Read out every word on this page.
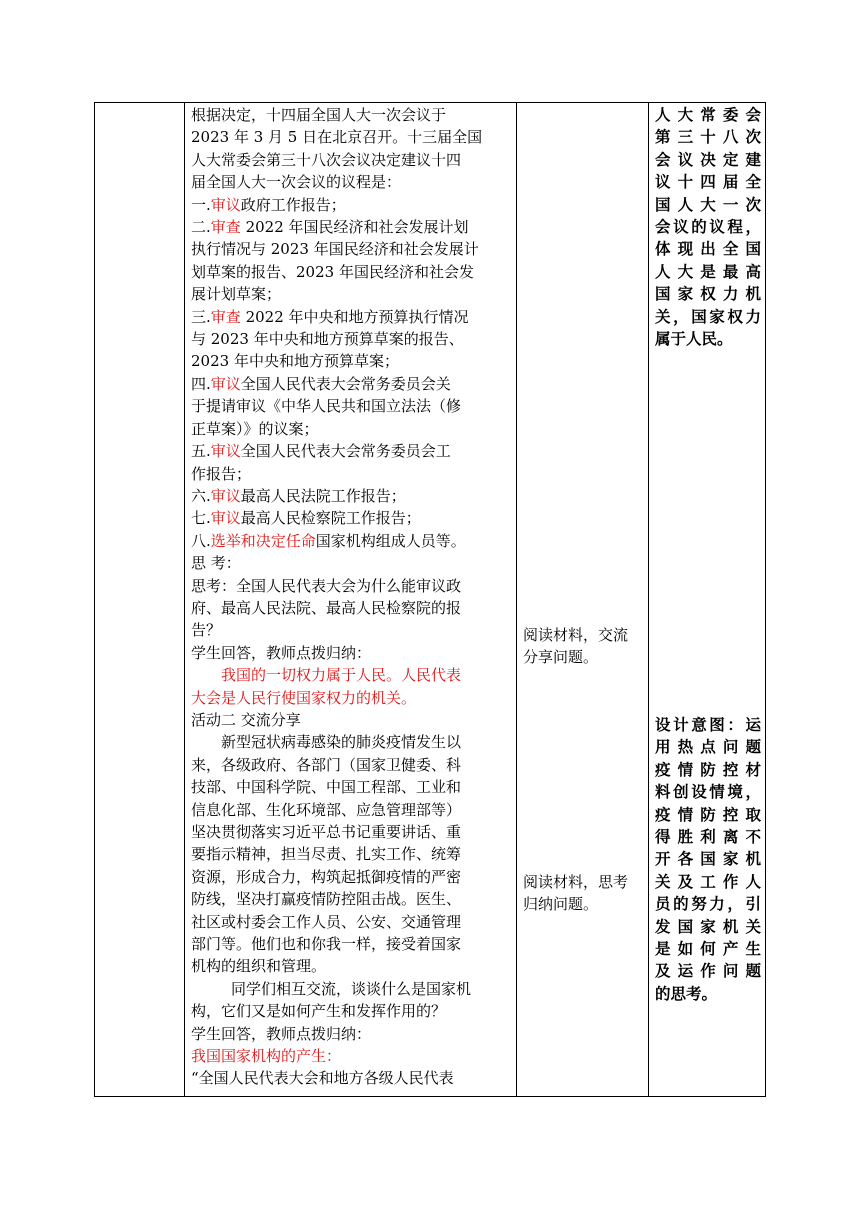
根据决定，十四届全国人大一次会议于

2023 年 3 月 5 日在北京召开。十三届全国

人大常委会第三十八次会议决定建议十四

届全国人大一次会议的议程是：

一.审议政府工作报告；

二.审查 2022 年国民经济和社会发展计划

执行情况与 2023 年国民经济和社会发展计

划草案的报告、2023 年国民经济和社会发

展计划草案；

三.审查 2022 年中央和地方预算执行情况

与 2023 年中央和地方预算草案的报告、

2023 年中央和地方预算草案；

四.审议全国人民代表大会常务委员会关

于提请审议《中华人民共和国立法法（修

正草案）》的议案；

五.审议全国人民代表大会常务委员会工

作报告；

六.审议最高人民法院工作报告；

七.审议最高人民检察院工作报告；

八.选举和决定任命国家机构组成人员等。

思 考：

思考：全国人民代表大会为什么能审议政

府、最高人民法院、最高人民检察院的报

告？

学生回答，教师点拨归纳：

我国的一切权力属于人民。人民代表

大会是人民行使国家权力的机关。

活动二 交流分享

新型冠状病毒感染的肺炎疫情发生以

来，各级政府、各部门（国家卫健委、科

技部、中国科学院、中国工程部、工业和

信息化部、生化环境部、应急管理部等）

坚决贯彻落实习近平总书记重要讲话、重

要指示精神，担当尽责、扎实工作、统筹

资源，形成合力，构筑起抵御疫情的严密

防线，坚决打赢疫情防控阻击战。医生、

社区或村委会工作人员、公安、交通管理

部门等。他们也和你我一样，接受着国家

机构的组织和管理。

同学们相互交流，谈谈什么是国家机

构，它们又是如何产生和发挥作用的？

学生回答，教师点拨归纳：

我国国家机构的产生：

“全国人民代表大会和地方各级人民代表

阅读材料，交流

分享问题。

阅读材料，思考

归纳问题。

人大常委会
第三十八次
会议决定建
议十四届全
国人大一次
会议的议程，
体现出全国
人大是最高
国家权力机
关，国家权力
属于人民。
设计意图：运
用热点问题
疫情防控材
料创设情境，
疫情防控取
得胜利离不
开各国家机
关及工作人
员的努力，引
发国家机关
是如何产生
及运作问题
的思考。
